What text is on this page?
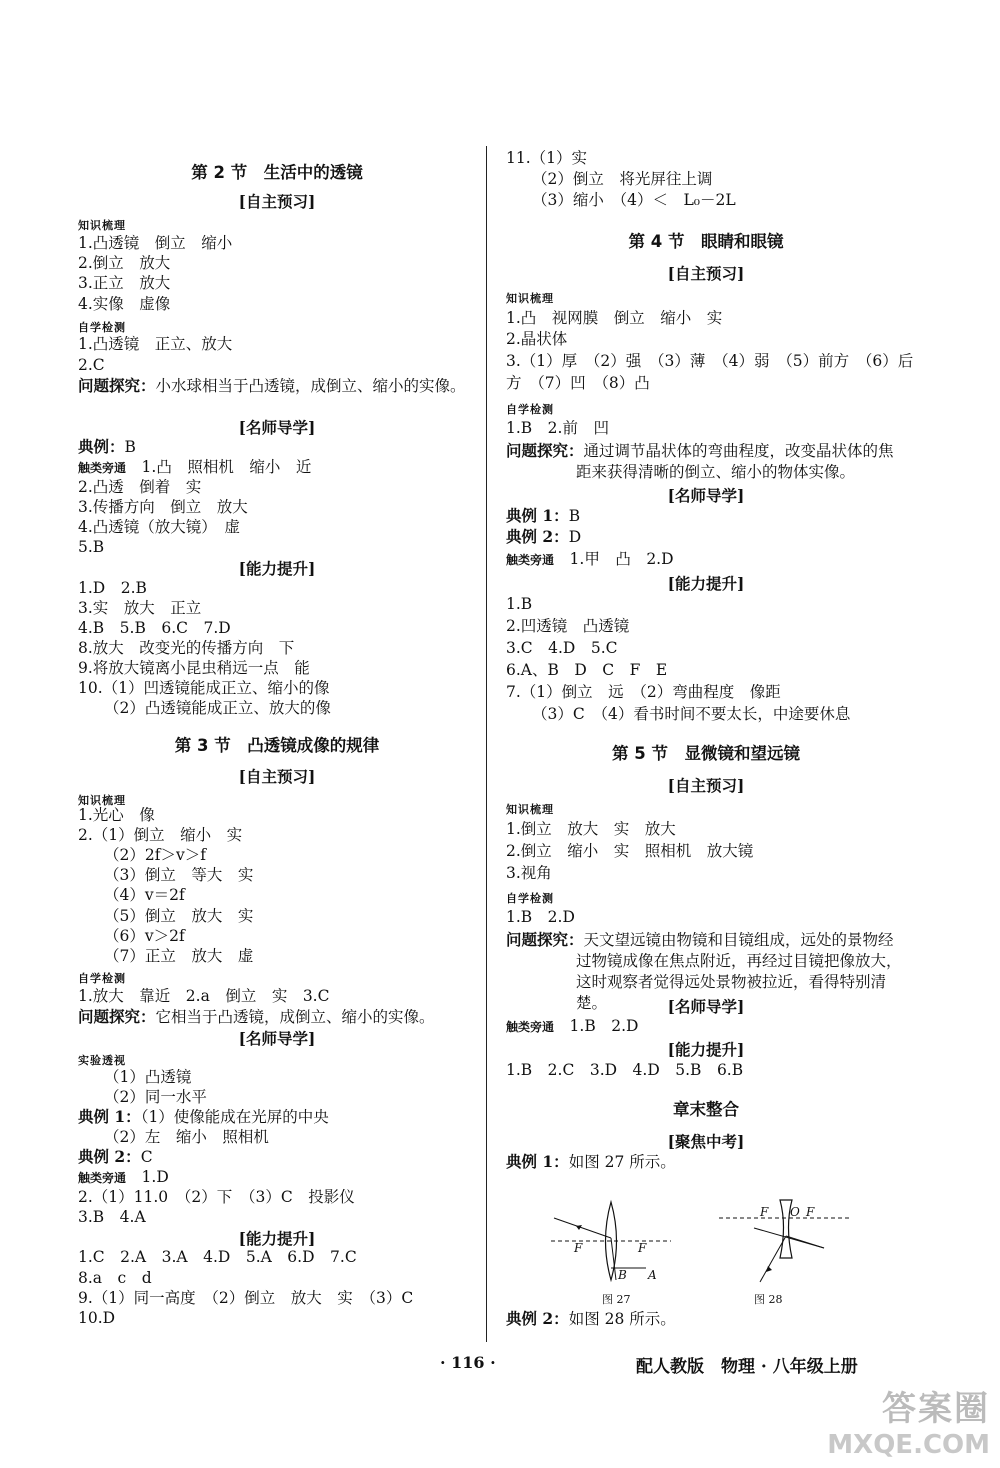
第 2 节　生活中的透镜
[自主预习]
知识梳理
1.凸透镜　倒立　缩小
2.倒立　放大
3.正立　放大
4.实像　虚像
自学检测
1.凸透镜　正立、放大
2.C
问题探究：小水球相当于凸透镜，成倒立、缩小的实像。
[名师导学]
典例：B
触类旁通　 1.凸　照相机　缩小　近
2.凸透　倒着　实
3.传播方向　倒立　放大
4.凸透镜（放大镜）　虚
5.B
[能力提升]
1.D　2.B
3.实　放大　正立
4.B　5.B　6.C　7.D
8.放大　改变光的传播方向　下
9.将放大镜离小昆虫稍远一点　能
10.（1）凹透镜能成正立、缩小的像
（2）凸透镜能成正立、放大的像
第 3 节　凸透镜成像的规律
[自主预习]
知识梳理
1.光心　像
2.（1）倒立　缩小　实
（2）2f＞v＞f
（3）倒立　等大　实
（4）v＝2f
（5）倒立　放大　实
（6）v＞2f
（7）正立　放大　虚
自学检测
1.放大　靠近　2.a　倒立　实　3.C
问题探究：它相当于凸透镜，成倒立、缩小的实像。
[名师导学]
实验透视
（1）凸透镜
（2）同一水平
典例 1：（1）使像能成在光屏的中央
（2）左　缩小　照相机
典例 2：C
触类旁通　 1.D
2.（1）11.0　（2）下　（3）C　投影仪
3.B　4.A
[能力提升]
1.C　2.A　3.A　4.D　5.A　6.D　7.C
8.a　c　d
9.（1）同一高度　（2）倒立　放大　实　（3）C
10.D
11.（1）实
（2）倒立　将光屏往上调
（3）缩小　（4）＜　L₀－2L
第 4 节　眼睛和眼镜
[自主预习]
知识梳理
1.凸　视网膜　倒立　缩小　实
2.晶状体
3.（1）厚　（2）强　（3）薄　（4）弱　（5）前方　（6）后
方　（7）凹　（8）凸
自学检测
1.B　2.前　凹
问题探究：通过调节晶状体的弯曲程度，改变晶状体的焦距来获得清晰的倒立、缩小的物体实像。
[名师导学]
典例 1：B
典例 2：D
触类旁通　 1.甲　凸　2.D
[能力提升]
1.B
2.凹透镜　凸透镜
3.C　4.D　5.C
6.A、B　D　C　F　E
7.（1）倒立　远　（2）弯曲程度　像距
（3）C　（4）看书时间不要太长，中途要休息
第 5 节　显微镜和望远镜
[自主预习]
知识梳理
1.倒立　放大　实　放大
2.倒立　缩小　实　照相机　放大镜
3.视角
自学检测
1.B　2.D
问题探究：天文望远镜由物镜和目镜组成，远处的景物经过物镜成像在焦点附近，再经过目镜把像放大，这时观察者觉得远处景物被拉近，看得特别清楚。	[名师导学]
触类旁通　 1.B　2.D
[能力提升]
1.B　2.C　3.D　4.D　5.B　6.B
章末整合
[聚焦中考]
典例 1：如图 27 所示。
F	F
B A
图 27
F O F
图 28
典例 2：如图 28 所示。
· 116 ·	配人教版　物理 · 八年级上册
答案圈
MXQE.COM
